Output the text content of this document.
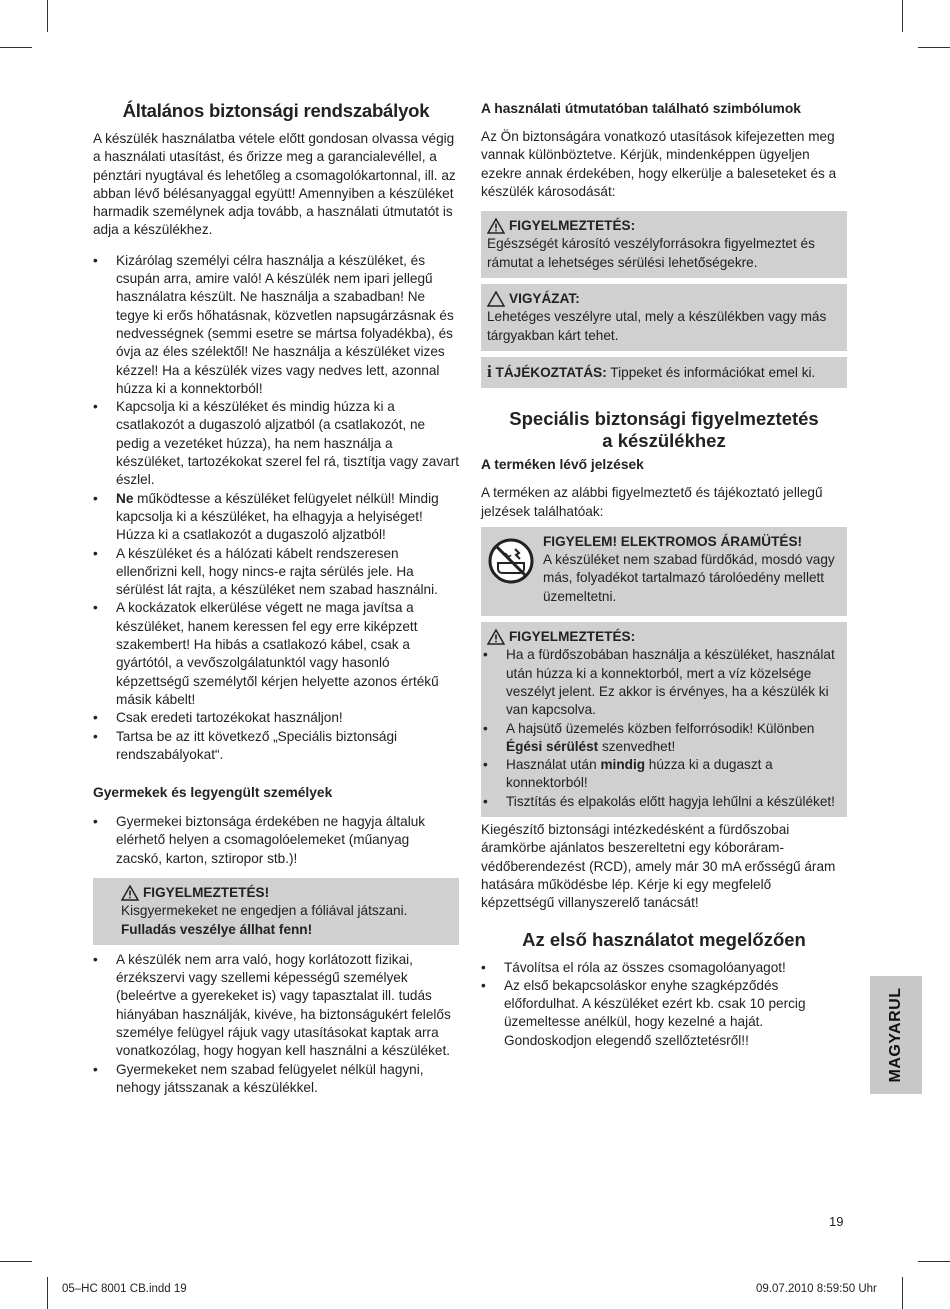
Általános biztonsági rendszabályok

A készülék használatba vétele előtt gondosan olvassa végig a használati utasítást, és őrizze meg a garancialevéllel, a pénztári nyugtával és lehetőleg a csomagolókartonnal, ill. az abban lévő bélésanyaggal együtt! Amennyiben a készüléket harmadik személynek adja tovább, a használati útmutatót is adja a készülékhez.

• Kizárólag személyi célra használja a készüléket, és csupán arra, amire való! A készülék nem ipari jellegű használatra készült. Ne használja a szabadban! Ne tegye ki erős hőhatásnak, közvetlen napsugárzásnak és nedvességnek (semmi esetre se mártsa folyadékba), és óvja az éles szélektől! Ne használja a készüléket vizes kézzel! Ha a készülék vizes vagy nedves lett, azonnal húzza ki a konnektorból!
• Kapcsolja ki a készüléket és mindig húzza ki a csatlakozót a dugaszoló aljzatból (a csatlakozót, ne pedig a vezetéket húzza), ha nem használja a készüléket, tartozékokat szerel fel rá, tisztítja vagy zavart észlel.
• Ne működtesse a készüléket felügyelet nélkül! Mindig kapcsolja ki a készüléket, ha elhagyja a helyiséget! Húzza ki a csatlakozót a dugaszoló aljzatból!
• A készüléket és a hálózati kábelt rendszeresen ellenőrizni kell, hogy nincs-e rajta sérülés jele. Ha sérülést lát rajta, a készüléket nem szabad használni.
• A kockázatok elkerülése végett ne maga javítsa a készüléket, hanem keressen fel egy erre kiképzett szakembert! Ha hibás a csatlakozó kábel, csak a gyártótól, a vevőszolgálatunktól vagy hasonló képzettségű személytől kérjen helyette azonos értékű másik kábelt!
• Csak eredeti tartozékokat használjon!
• Tartsa be az itt következő „Speciális biztonsági rendszabályokat“.
Gyermekek és legyengült személyek
• Gyermekei biztonsága érdekében ne hagyja általuk elérhető helyen a csomagolóelemeket (műanyag zacskó, karton, sztiropor stb.)!
FIGYELMEZTETÉS!

Kisgyermekeket ne engedjen a fóliával játszani. Fulladás veszélye állhat fenn!

• A készülék nem arra való, hogy korlátozott fizikai, érzékszervi vagy szellemi képességű személyek (beleértve a gyerekeket is) vagy tapasztalat ill. tudás hiányában használják, kivéve, ha biztonságukért felelős személye felügyel rájuk vagy utasításokat kaptak arra vonatkozólag, hogy hogyan kell használni a készüléket.
• Gyermekeket nem szabad felügyelet nélkül hagyni, nehogy játsszanak a készülékkel.
A használati útmutatóban található szimbólumok

Az Ön biztonságára vonatkozó utasítások kifejezetten meg vannak különböztetve. Kérjük, mindenképpen ügyeljen ezekre annak érdekében, hogy elkerülje a baleseteket és a készülék károsodását:

FIGYELMEZTETÉS:

Egészségét károsító veszélyforrásokra figyelmeztet és rámutat a lehetséges sérülési lehetőségekre.

VIGYÁZAT:

Lehetéges veszélyre utal, mely a készülékben vagy más tárgyakban kárt tehet.

i TÁJÉKOZTATÁS: Tippeket és információkat emel ki.
Speciális biztonsági figyelmeztetés
a készülékhez
A terméken lévő jelzések

A terméken az alábbi figyelmeztető és tájékoztató jellegű jelzések találhatóak:

FIGYELEM! ELEKTROMOS ÁRAMÜTÉS!

A készüléket nem szabad fürdőkád, mosdó vagy más, folyadékot tartalmazó tárolóedény mellett üzemeltetni.

FIGYELMEZTETÉS:
• Ha a fürdőszobában használja a készüléket, használat után húzza ki a konnektorból, mert a víz közelsége veszélyt jelent. Ez akkor is érvényes, ha a készülék ki van kapcsolva.
• A hajsütő üzemelés közben felforrósodik! Különben Égési sérülést szenvedhet!
• Használat után mindig húzza ki a dugaszt a konnektorból!
• Tisztítás és elpakolás előtt hagyja lehűlni a készüléket!

Kiegészítő biztonsági intézkedésként a fürdőszobai áramkörbe ajánlatos beszereltetni egy kóboráram-védőberendezést (RCD), amely már 30 mA erősségű áram hatására működésbe lép. Kérje ki egy megfelelő képzettségű villanyszerelő tanácsát!

Az első használatot megelőzően
• Távolítsa el róla az összes csomagolóanyagot!
• Az első bekapcsoláskor enyhe szagképződés előfordulhat. A készüléket ezért kb. csak 10 percig üzemeltesse anélkül, hogy kezelné a haját. Gondoskodjon elegendő szellőztetésről!!	MAGYARUL
19
05–HC 8001 CB.indd 19	09.07.2010 8:59:50 Uhr
